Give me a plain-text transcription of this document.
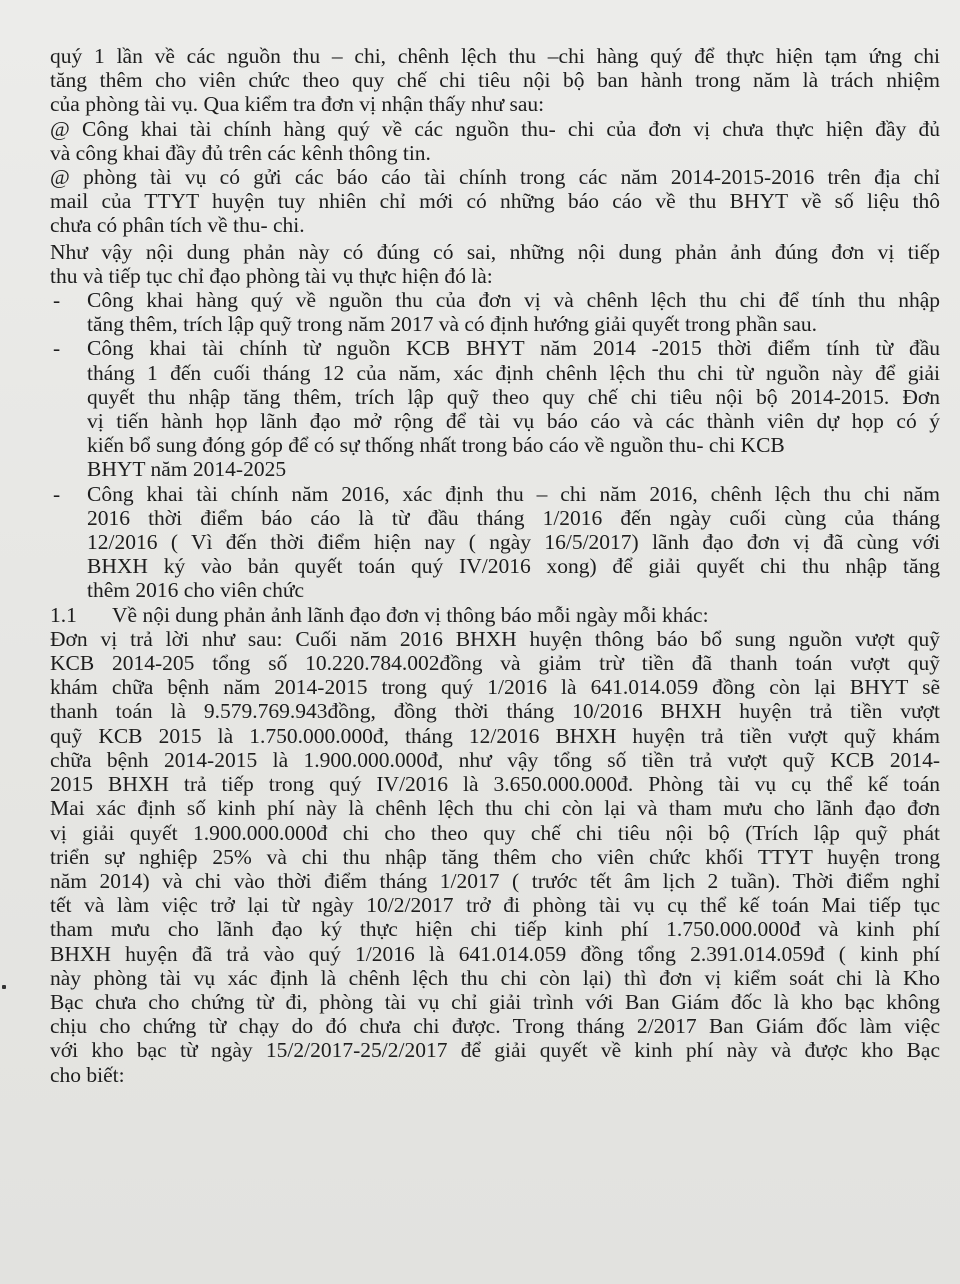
quý 1 lần về các nguồn thu – chi, chênh lệch thu –chi hàng quý để thực hiện tạm ứng chi
tăng thêm cho viên chức theo quy chế chi tiêu nội bộ ban hành trong năm là trách nhiệm
của phòng tài vụ. Qua kiểm tra đơn vị nhận thấy như sau:
@ Công khai tài chính hàng quý về các nguồn thu- chi của đơn vị chưa thực hiện đầy đủ
và công khai đầy đủ trên các kênh thông tin.
@ phòng tài vụ có gửi các báo cáo tài chính trong các năm 2014-2015-2016 trên địa chỉ
mail của TTYT huyện tuy nhiên chỉ mới có những báo cáo về thu BHYT về số liệu thô
chưa có phân tích về thu- chi.
Như vậy nội dung phản này có đúng có sai, những nội dung phản ảnh đúng đơn vị tiếp
thu và tiếp tục chỉ đạo phòng tài vụ thực hiện đó là:
- Công khai hàng quý về nguồn thu của đơn vị và chênh lệch thu chi để tính thu nhập
tăng thêm, trích lập quỹ trong năm 2017 và có định hướng giải quyết trong phần sau.
- Công khai tài chính từ nguồn KCB BHYT năm 2014 -2015 thời điểm tính từ đầu
tháng 1 đến cuối tháng 12 của năm, xác định chênh lệch thu chi từ nguồn này để giải
quyết thu nhập tăng thêm, trích lập quỹ theo quy chế chi tiêu nội bộ 2014-2015. Đơn
vị tiến hành họp lãnh đạo mở rộng để tài vụ báo cáo và các thành viên dự họp có ý
kiến bổ sung đóng góp để có sự thống nhất trong báo cáo về nguồn thu- chi KCB
BHYT năm 2014-2025
- Công khai tài chính năm 2016, xác định thu – chi năm 2016, chênh lệch thu chi năm
2016 thời điểm báo cáo là từ đầu tháng 1/2016 đến ngày cuối cùng của tháng
12/2016 ( Vì đến thời điểm hiện nay ( ngày 16/5/2017) lãnh đạo đơn vị đã cùng với
BHXH ký vào bản quyết toán quý IV/2016 xong) để giải quyết chi thu nhập tăng
thêm 2016 cho viên chức
1.1 Về nội dung phản ảnh lãnh đạo đơn vị thông báo mỗi ngày mỗi khác:
Đơn vị trả lời như sau: Cuối năm 2016 BHXH huyện thông báo bổ sung nguồn vượt quỹ
KCB 2014-205 tổng số 10.220.784.002đồng và giảm trừ tiền đã thanh toán vượt quỹ
khám chữa bệnh năm 2014-2015 trong quý 1/2016 là 641.014.059 đồng còn lại BHYT sẽ
thanh toán là 9.579.769.943đồng, đồng thời tháng 10/2016 BHXH huyện trả tiền vượt
quỹ KCB 2015 là 1.750.000.000đ, tháng 12/2016 BHXH huyện trả tiền vượt quỹ khám
chữa bệnh 2014-2015 là 1.900.000.000đ, như vậy tổng số tiền trả vượt quỹ KCB 2014-
2015 BHXH trả tiếp trong quý IV/2016 là 3.650.000.000đ. Phòng tài vụ cụ thể kế toán
Mai xác định số kinh phí này là chênh lệch thu chi còn lại và tham mưu cho lãnh đạo đơn
vị giải quyết 1.900.000.000đ chi cho theo quy chế chi tiêu nội bộ (Trích lập quỹ phát
triển sự nghiệp 25% và chi thu nhập tăng thêm cho viên chức khối TTYT huyện trong
năm 2014) và chi vào thời điểm tháng 1/2017 ( trước tết âm lịch 2 tuần). Thời điểm nghỉ
tết và làm việc trở lại từ ngày 10/2/2017 trở đi phòng tài vụ cụ thể kế toán Mai tiếp tục
tham mưu cho lãnh đạo ký thực hiện chi tiếp kinh phí 1.750.000.000đ và kinh phí
BHXH huyện đã trả vào quý 1/2016 là 641.014.059 đồng tổng 2.391.014.059đ ( kinh phí
này phòng tài vụ xác định là chênh lệch thu chi còn lại) thì đơn vị kiểm soát chi là Kho
Bạc chưa cho chứng từ đi, phòng tài vụ chỉ giải trình với Ban Giám đốc là kho bạc không
chịu cho chứng từ chạy do đó chưa chi được. Trong tháng 2/2017 Ban Giám đốc làm việc
với kho bạc từ ngày 15/2/2017-25/2/2017 để giải quyết về kinh phí này và được kho Bạc
cho biết:
